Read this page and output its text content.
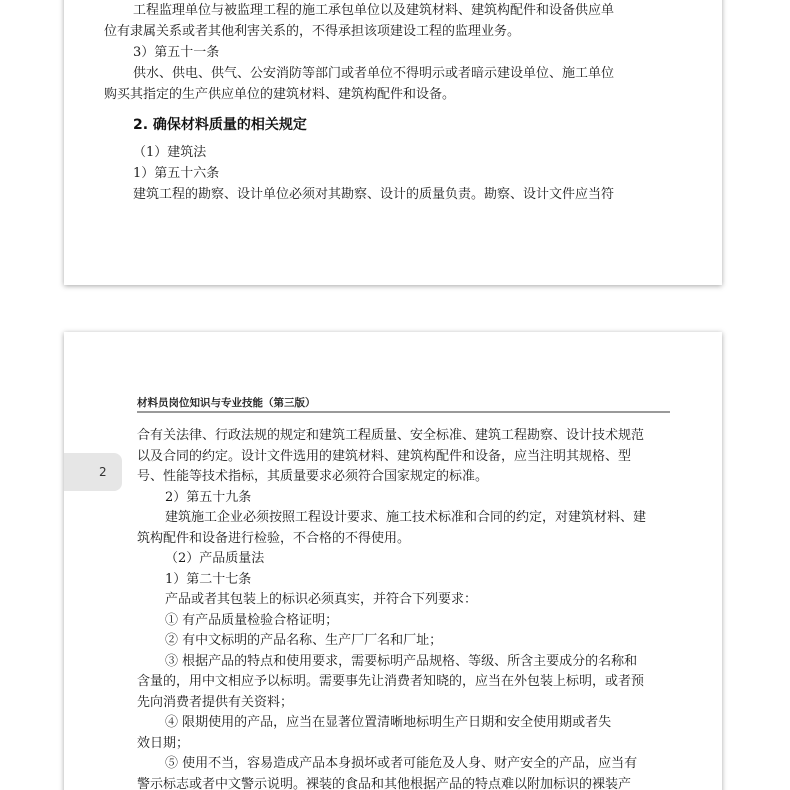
工程监理单位与被监理工程的施工承包单位以及建筑材料、建筑构配件和设备供应单
位有隶属关系或者其他利害关系的，不得承担该项建设工程的监理业务。
3）第五十一条
供水、供电、供气、公安消防等部门或者单位不得明示或者暗示建设单位、施工单位
购买其指定的生产供应单位的建筑材料、建筑构配件和设备。
2. 确保材料质量的相关规定
（1）建筑法
1）第五十六条
建筑工程的勘察、设计单位必须对其勘察、设计的质量负责。勘察、设计文件应当符
材料员岗位知识与专业技能（第三版）
合有关法律、行政法规的规定和建筑工程质量、安全标准、建筑工程勘察、设计技术规范
以及合同的约定。设计文件选用的建筑材料、建筑构配件和设备，应当注明其规格、型
号、性能等技术指标，其质量要求必须符合国家规定的标准。
2）第五十九条
建筑施工企业必须按照工程设计要求、施工技术标准和合同的约定，对建筑材料、建
筑构配件和设备进行检验，不合格的不得使用。
（2）产品质量法
1）第二十七条
产品或者其包装上的标识必须真实，并符合下列要求：
① 有产品质量检验合格证明；
② 有中文标明的产品名称、生产厂厂名和厂址；
③ 根据产品的特点和使用要求，需要标明产品规格、等级、所含主要成分的名称和
含量的，用中文相应予以标明。需要事先让消费者知晓的，应当在外包装上标明，或者预
先向消费者提供有关资料；
④ 限期使用的产品，应当在显著位置清晰地标明生产日期和安全使用期或者失
效日期；
⑤ 使用不当，容易造成产品本身损坏或者可能危及人身、财产安全的产品，应当有
警示标志或者中文警示说明。裸装的食品和其他根据产品的特点难以附加标识的裸装产
2
